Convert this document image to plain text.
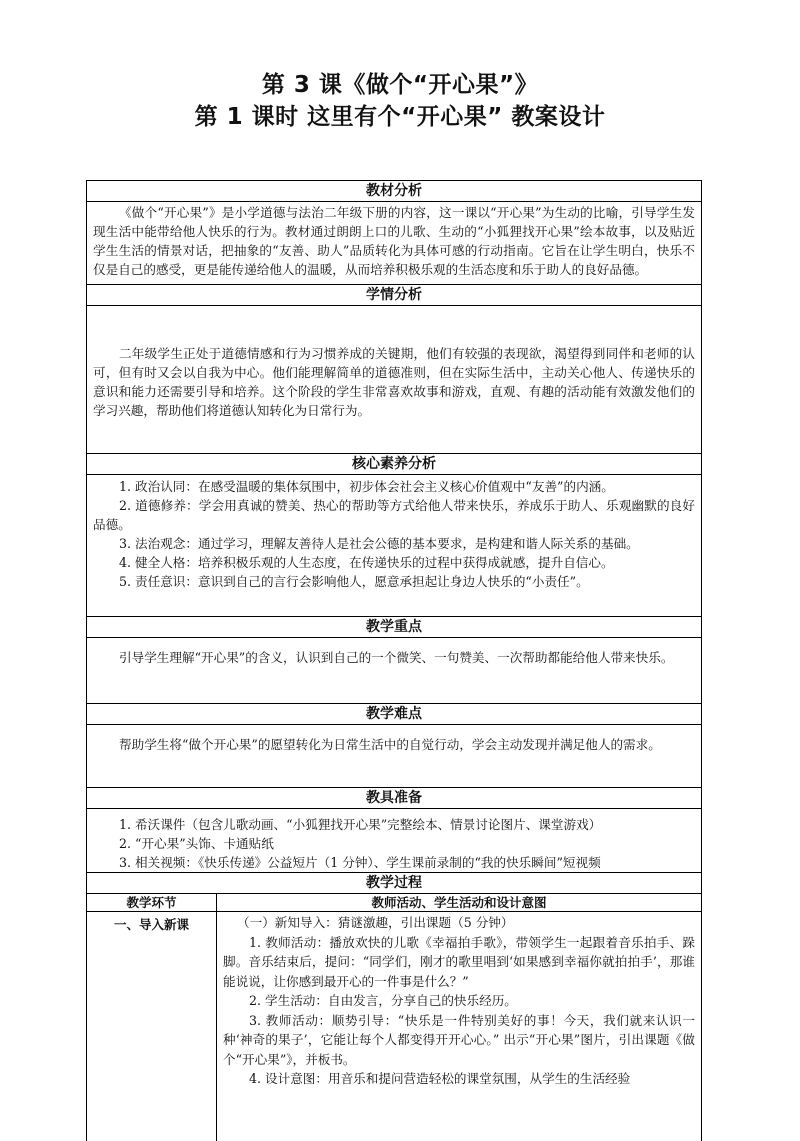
第 3 课《做个“开心果”》
第 1 课时 这里有个“开心果” 教案设计
教材分析

《做个“开心果”》是小学道德与法治二年级下册的内容，这一课以“开心果”为生动的比喻，引导学生发现生活中能带给他人快乐的行为。教材通过朗朗上口的儿歌、生动的“小狐狸找开心果”绘本故事，以及贴近学生生活的情景对话，把抽象的“友善、助人”品质转化为具体可感的行动指南。它旨在让学生明白，快乐不仅是自己的感受，更是能传递给他人的温暖，从而培养积极乐观的生活态度和乐于助人的良好品德。

学情分析

二年级学生正处于道德情感和行为习惯养成的关键期，他们有较强的表现欲，渴望得到同伴和老师的认可，但有时又会以自我为中心。他们能理解简单的道德准则，但在实际生活中，主动关心他人、传递快乐的意识和能力还需要引导和培养。这个阶段的学生非常喜欢故事和游戏，直观、有趣的活动能有效激发他们的学习兴趣，帮助他们将道德认知转化为日常行为。

核心素养分析

1. 政治认同：在感受温暖的集体氛围中，初步体会社会主义核心价值观中“友善”的内涵。

2. 道德修养：学会用真诚的赞美、热心的帮助等方式给他人带来快乐，养成乐于助人、乐观幽默的良好品德。

3. 法治观念：通过学习，理解友善待人是社会公德的基本要求，是构建和谐人际关系的基础。

4. 健全人格：培养积极乐观的人生态度，在传递快乐的过程中获得成就感，提升自信心。

5. 责任意识：意识到自己的言行会影响他人，愿意承担起让身边人快乐的“小责任”。

教学重点

引导学生理解“开心果”的含义，认识到自己的一个微笑、一句赞美、一次帮助都能给他人带来快乐。

教学难点

帮助学生将“做个开心果”的愿望转化为日常生活中的自觉行动，学会主动发现并满足他人的需求。

教具准备

1. 希沃课件（包含儿歌动画、“小狐狸找开心果”完整绘本、情景讨论图片、课堂游戏）

2. “开心果”头饰、卡通贴纸

3. 相关视频：《快乐传递》公益短片（1 分钟）、学生课前录制的“我的快乐瞬间”短视频

教学过程
教学环节	教师活动、学生活动和设计意图
一、导入新课	（一）新知导入：猜谜激趣，引出课题（5 分钟）

1. 教师活动：播放欢快的儿歌《幸福拍手歌》，带领学生一起跟着音乐拍手、跺脚。音乐结束后，提问：“同学们，刚才的歌里唱到‘如果感到幸福你就拍拍手’，那谁能说说，让你感到最开心的一件事是什么？”

2. 学生活动：自由发言，分享自己的快乐经历。

3. 教师活动：顺势引导：“快乐是一件特别美好的事！今天，我们就来认识一种‘神奇的果子’，它能让每个人都变得开开心心。” 出示“开心果”图片，引出课题《做个“开心果”》，并板书。

4. 设计意图：用音乐和提问营造轻松的课堂氛围，从学生的生活经验
